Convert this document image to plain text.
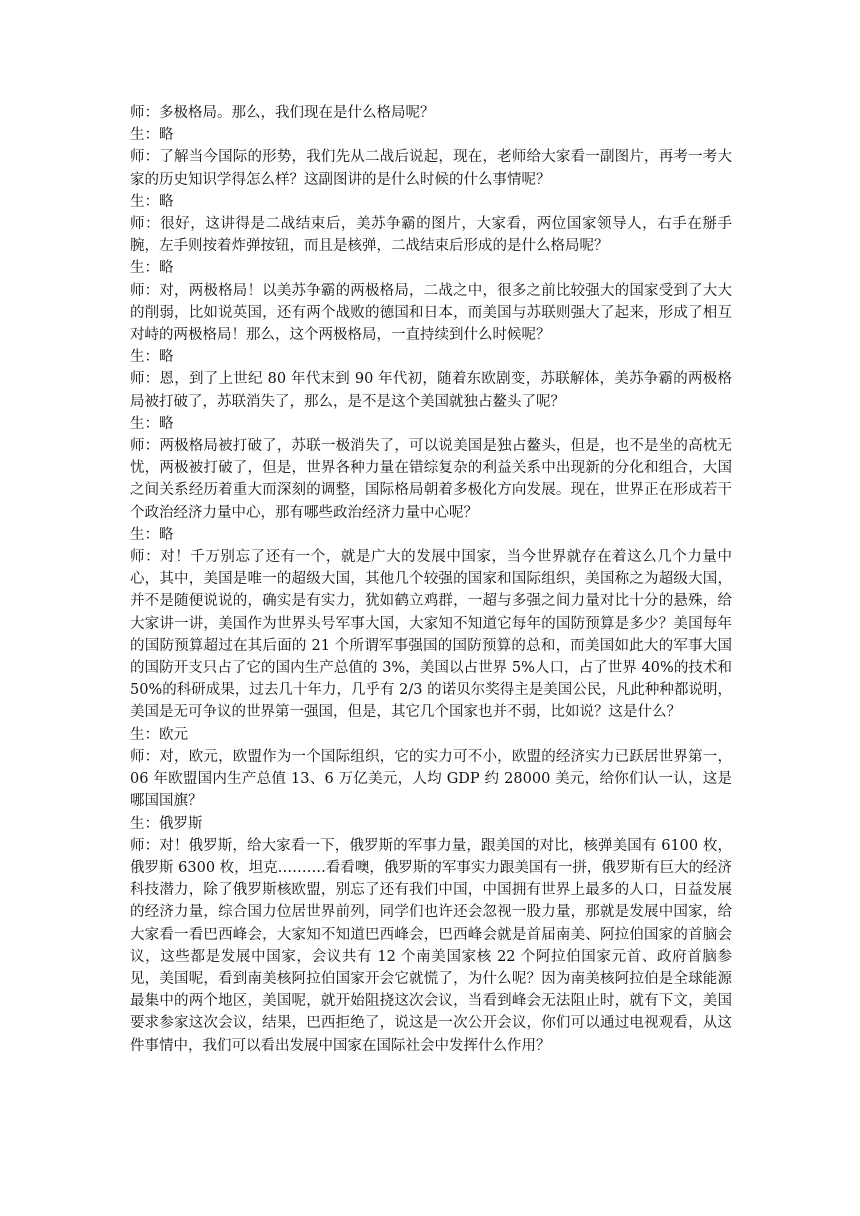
师：多极格局。那么，我们现在是什么格局呢？

生：略

师：了解当今国际的形势，我们先从二战后说起，现在，老师给大家看一副图片，再考一考大家的历史知识学得怎么样？这副图讲的是什么时候的什么事情呢？

生：略

师：很好，这讲得是二战结束后，美苏争霸的图片，大家看，两位国家领导人，右手在掰手腕，左手则按着炸弹按钮，而且是核弹，二战结束后形成的是什么格局呢？

生：略

师：对，两极格局！以美苏争霸的两极格局，二战之中，很多之前比较强大的国家受到了大大的削弱，比如说英国，还有两个战败的德国和日本，而美国与苏联则强大了起来，形成了相互对峙的两极格局！那么，这个两极格局，一直持续到什么时候呢？

生：略

师：恩，到了上世纪 80 年代末到 90 年代初，随着东欧剧变，苏联解体，美苏争霸的两极格局被打破了，苏联消失了，那么，是不是这个美国就独占鳌头了呢？

生：略

师：两极格局被打破了，苏联一极消失了，可以说美国是独占鳌头，但是，也不是坐的高枕无忧，两极被打破了，但是，世界各种力量在错综复杂的利益关系中出现新的分化和组合，大国之间关系经历着重大而深刻的调整，国际格局朝着多极化方向发展。现在，世界正在形成若干个政治经济力量中心，那有哪些政治经济力量中心呢？

生：略

师：对！千万别忘了还有一个，就是广大的发展中国家，当今世界就存在着这么几个力量中心，其中，美国是唯一的超级大国，其他几个较强的国家和国际组织，美国称之为超级大国，并不是随便说说的，确实是有实力，犹如鹤立鸡群，一超与多强之间力量对比十分的悬殊，给大家讲一讲，美国作为世界头号军事大国，大家知不知道它每年的国防预算是多少？美国每年的国防预算超过在其后面的 21 个所谓军事强国的国防预算的总和，而美国如此大的军事大国的国防开支只占了它的国内生产总值的 3%，美国以占世界 5%人口，占了世界 40%的技术和 50%的科研成果，过去几十年力，几乎有 2/3 的诺贝尔奖得主是美国公民，凡此种种都说明，美国是无可争议的世界第一强国，但是，其它几个国家也并不弱，比如说？这是什么？

生：欧元

师：对，欧元，欧盟作为一个国际组织，它的实力可不小，欧盟的经济实力已跃居世界第一，06 年欧盟国内生产总值 13、6 万亿美元，人均 GDP 约 28000 美元，给你们认一认，这是哪国国旗？

生：俄罗斯

师：对！俄罗斯，给大家看一下，俄罗斯的军事力量，跟美国的对比，核弹美国有 6100 枚，俄罗斯 6300 枚，坦克……….看看噢，俄罗斯的军事实力跟美国有一拼，俄罗斯有巨大的经济科技潜力，除了俄罗斯核欧盟，别忘了还有我们中国，中国拥有世界上最多的人口，日益发展的经济力量，综合国力位居世界前列，同学们也许还会忽视一股力量，那就是发展中国家，给大家看一看巴西峰会，大家知不知道巴西峰会，巴西峰会就是首届南美、阿拉伯国家的首脑会议，这些都是发展中国家，会议共有 12 个南美国家核 22 个阿拉伯国家元首、政府首脑参见，美国呢，看到南美核阿拉伯国家开会它就慌了，为什么呢？因为南美核阿拉伯是全球能源最集中的两个地区，美国呢，就开始阻挠这次会议，当看到峰会无法阻止时，就有下文，美国要求参家这次会议，结果，巴西拒绝了，说这是一次公开会议，你们可以通过电视观看，从这件事情中，我们可以看出发展中国家在国际社会中发挥什么作用？
